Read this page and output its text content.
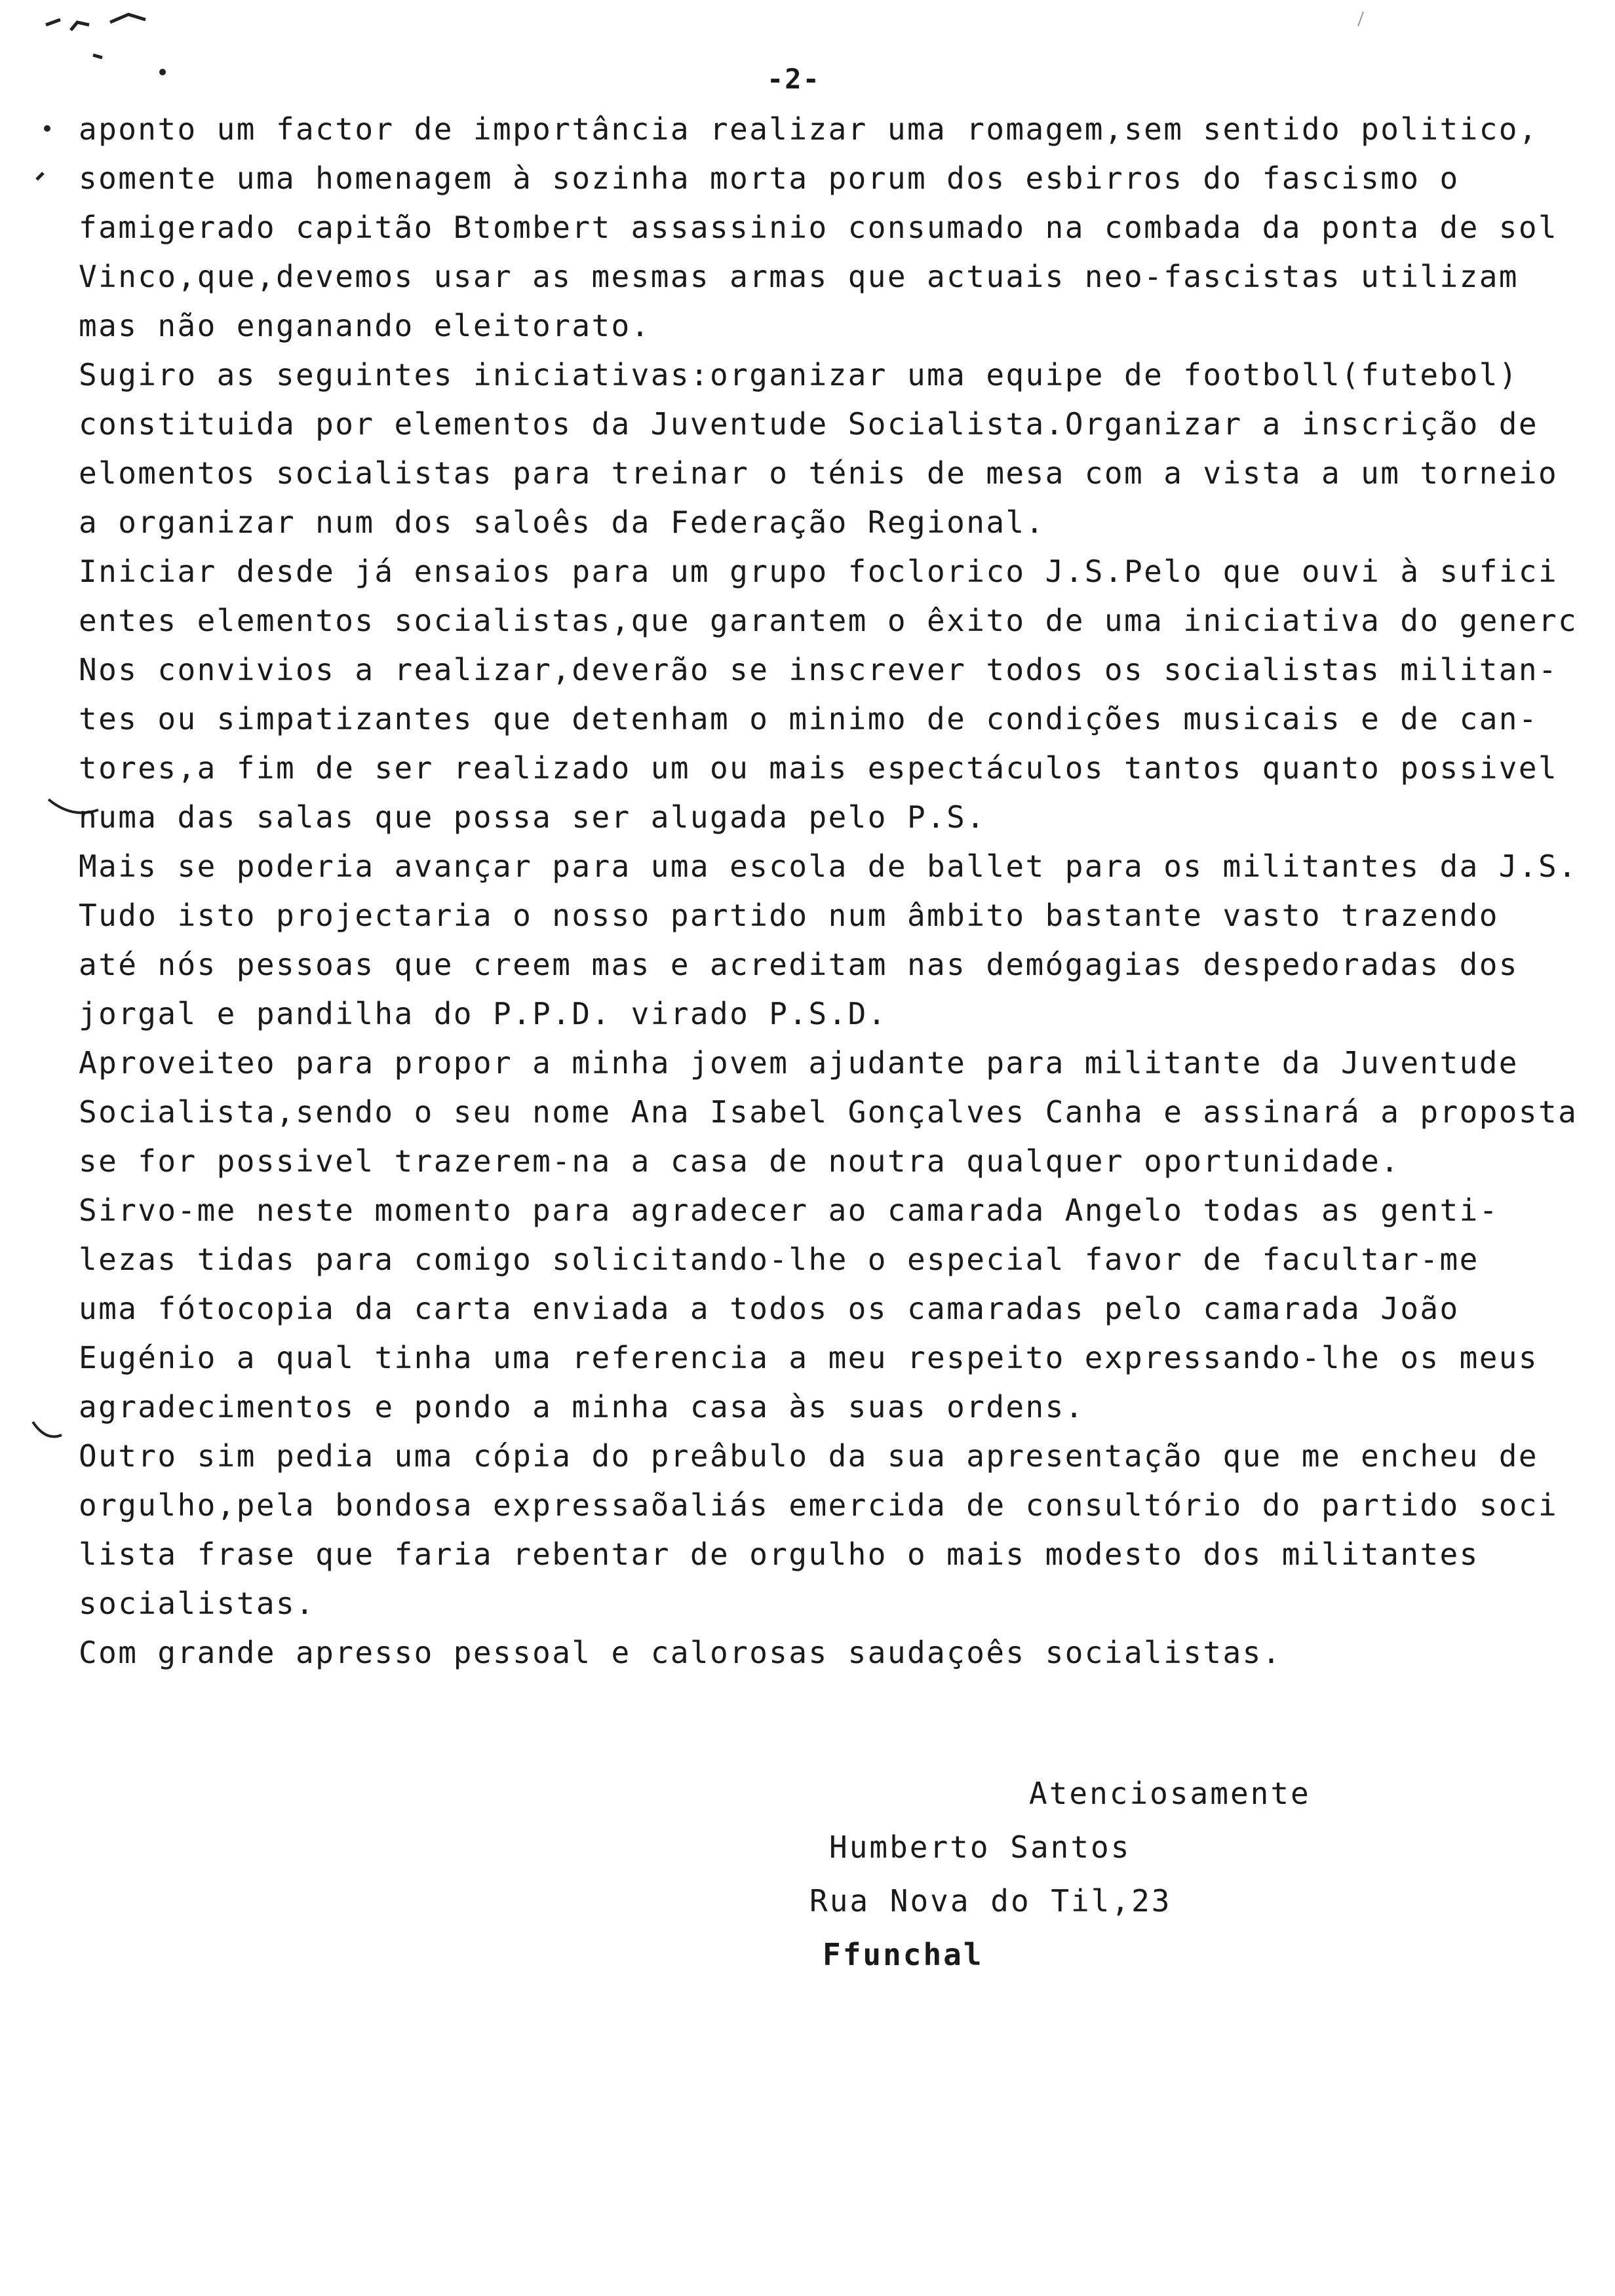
-2-
aponto um factor de importância realizar uma romagem,sem sentido politico,
somente uma homenagem à sozinha morta porum dos esbirros do fascismo o
famigerado capitão Btombert assassinio consumado na combada da ponta de sol
Vinco,que,devemos usar as mesmas armas que actuais neo-fascistas utilizam
mas não enganando eleitorato.
Sugiro as seguintes iniciativas:organizar uma equipe de footboll(futebol)
constituida por elementos da Juventude Socialista.Organizar a inscrição de
elomentos socialistas para treinar o ténis de mesa com a vista a um torneio
a organizar num dos saloês da Federação Regional.
Iniciar desde já ensaios para um grupo foclorico J.S.Pelo que ouvi à sufici
entes elementos socialistas,que garantem o êxito de uma iniciativa do generc
Nos convivios a realizar,deverão se inscrever todos os socialistas militan-
tes ou simpatizantes que detenham o minimo de condições musicais e de can-
tores,a fim de ser realizado um ou mais espectáculos tantos quanto possivel
numa das salas que possa ser alugada pelo P.S.
Mais se poderia avançar para uma escola de ballet para os militantes da J.S.
Tudo isto projectaria o nosso partido num âmbito bastante vasto trazendo
até nós pessoas que creem mas e acreditam nas demógagias despedoradas dos
jorgal e pandilha do P.P.D. virado P.S.D.
Aproveiteo para propor a minha jovem ajudante para militante da Juventude
Socialista,sendo o seu nome Ana Isabel Gonçalves Canha e assinará a proposta
se for possivel trazerem-na a casa de noutra qualquer oportunidade.
Sirvo-me neste momento para agradecer ao camarada Angelo todas as genti-
lezas tidas para comigo solicitando-lhe o especial favor de facultar-me
uma fótocopia da carta enviada a todos os camaradas pelo camarada João
Eugénio a qual tinha uma referencia a meu respeito expressando-lhe os meus
agradecimentos e pondo a minha casa às suas ordens.
Outro sim pedia uma cópia do preâbulo da sua apresentação que me encheu de
orgulho,pela bondosa expressaõaliás emercida de consultório do partido soci
lista frase que faria rebentar de orgulho o mais modesto dos militantes
socialistas.
Com grande apresso pessoal e calorosas saudaçoês socialistas.
Atenciosamente
Humberto Santos
Rua Nova do Til,23
Ffunchal
